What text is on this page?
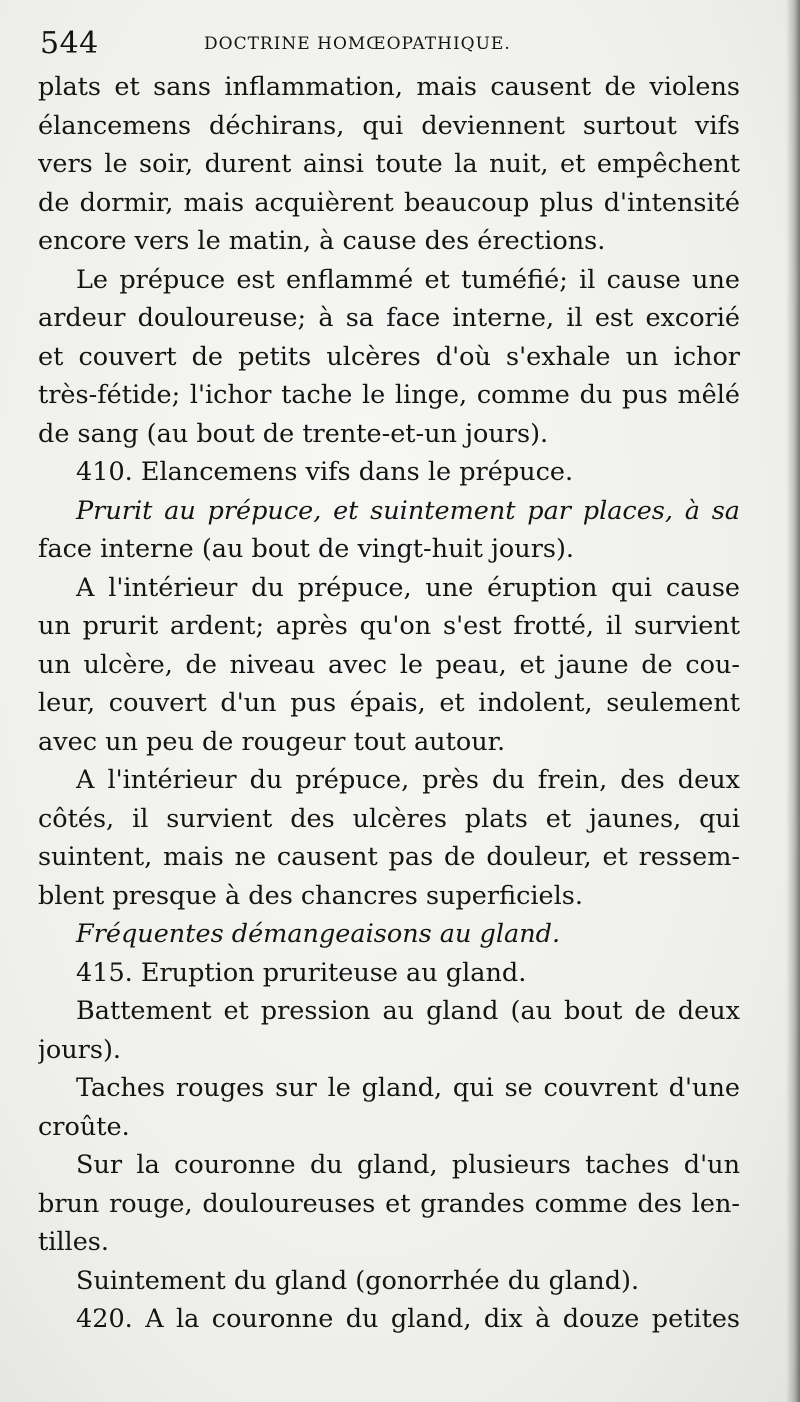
544	DOCTRINE HOMŒOPATHIQUE.
plats et sans inflammation, mais causent de violens
élancemens déchirans, qui deviennent surtout vifs
vers le soir, durent ainsi toute la nuit, et empêchent
de dormir, mais acquièrent beaucoup plus d'intensité
encore vers le matin, à cause des érections.
Le prépuce est enflammé et tuméfié; il cause une
ardeur douloureuse; à sa face interne, il est excorié
et couvert de petits ulcères d'où s'exhale un ichor
très-fétide; l'ichor tache le linge, comme du pus mêlé
de sang (au bout de trente-et-un jours).
410. Elancemens vifs dans le prépuce.
Prurit au prépuce, et suintement par places, à sa
face interne (au bout de vingt-huit jours).
A l'intérieur du prépuce, une éruption qui cause
un prurit ardent; après qu'on s'est frotté, il survient
un ulcère, de niveau avec le peau, et jaune de cou-
leur, couvert d'un pus épais, et indolent, seulement
avec un peu de rougeur tout autour.
A l'intérieur du prépuce, près du frein, des deux
côtés, il survient des ulcères plats et jaunes, qui
suintent, mais ne causent pas de douleur, et ressem-
blent presque à des chancres superficiels.
Fréquentes démangeaisons au gland.
415. Eruption pruriteuse au gland.
Battement et pression au gland (au bout de deux
jours).
Taches rouges sur le gland, qui se couvrent d'une
croûte.
Sur la couronne du gland, plusieurs taches d'un
brun rouge, douloureuses et grandes comme des len-
tilles.
Suintement du gland (gonorrhée du gland).
420. A la couronne du gland, dix à douze petites
